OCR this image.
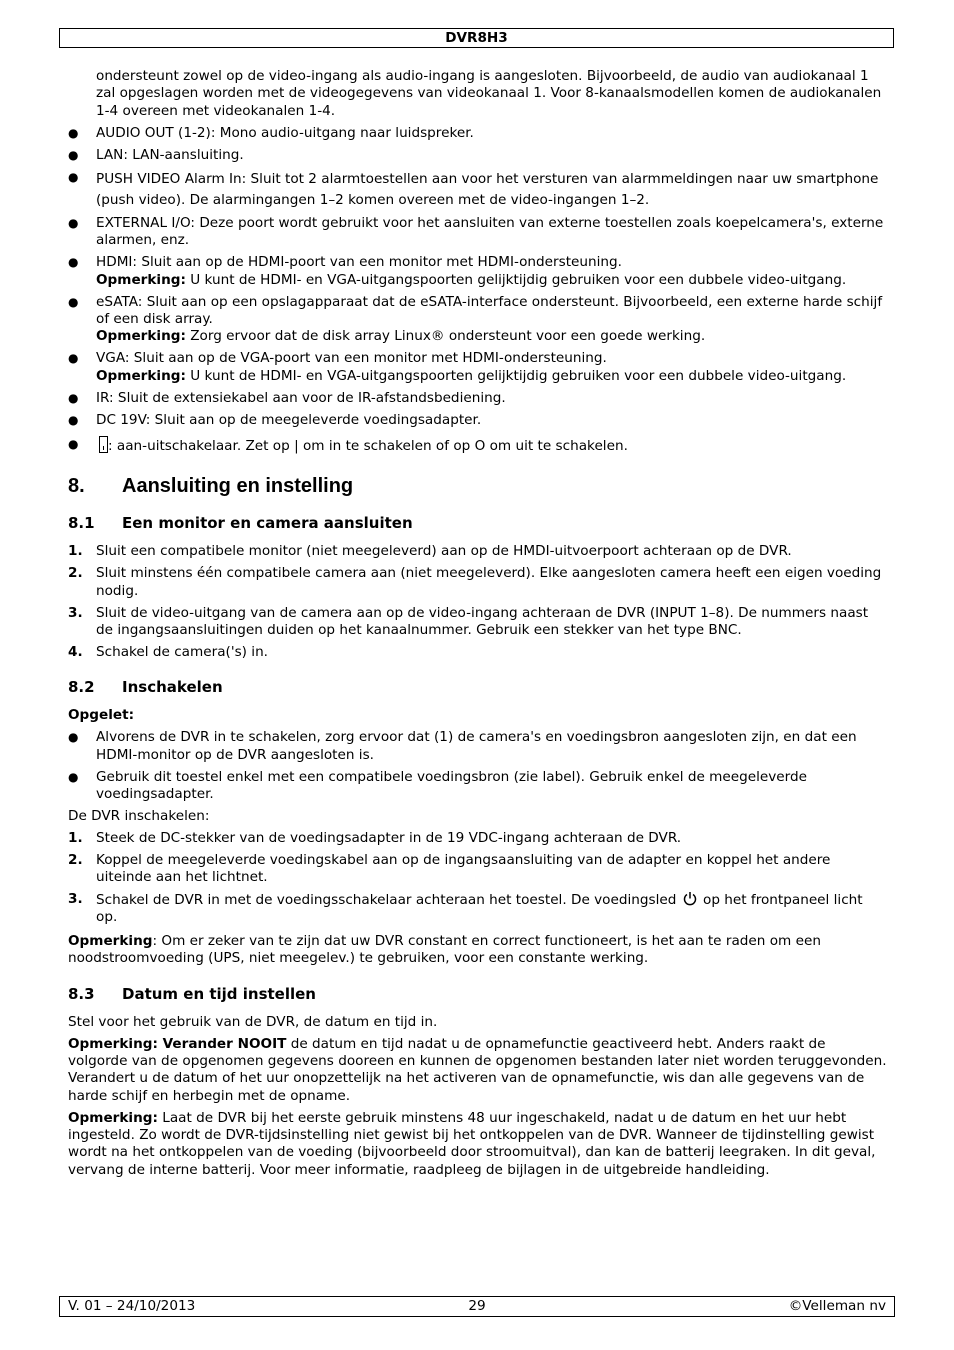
DVR8H3

ondersteunt zowel op de video-ingang als audio-ingang is aangesloten. Bijvoorbeeld, de audio van audiokanaal 1 zal opgeslagen worden met de videogegevens van videokanaal 1. Voor 8-kanaalsmodellen komen de audiokanalen 1-4 overeen met videokanalen 1-4.

● AUDIO OUT (1-2): Mono audio-uitgang naar luidspreker.

● LAN: LAN-aansluiting.

● PUSH VIDEO Alarm In: Sluit tot 2 alarmtoestellen aan voor het versturen van alarmmeldingen naar uw smartphone (push video). De alarmingangen 1–2 komen overeen met de video-ingangen 1–2.

● EXTERNAL I/O: Deze poort wordt gebruikt voor het aansluiten van externe toestellen zoals koepelcamera's, externe alarmen, enz.

● HDMI: Sluit aan op de HDMI-poort van een monitor met HDMI-ondersteuning.

Opmerking: U kunt de HDMI- en VGA-uitgangspoorten gelijktijdig gebruiken voor een dubbele video-uitgang.

● eSATA: Sluit aan op een opslagapparaat dat de eSATA-interface ondersteunt. Bijvoorbeeld, een externe harde schijf of een disk array.

Opmerking: Zorg ervoor dat de disk array Linux® ondersteunt voor een goede werking.

● VGA: Sluit aan op de VGA-poort van een monitor met HDMI-ondersteuning.

Opmerking: U kunt de HDMI- en VGA-uitgangspoorten gelijktijdig gebruiken voor een dubbele video-uitgang.

● IR: Sluit de extensiekabel aan voor de IR-afstandsbediening.

● DC 19V: Sluit aan op de meegeleverde voedingsadapter.

●	: aan-uitschakelaar. Zet op | om in te schakelen of op O om uit te schakelen.

8. Aansluiting en instelling
8.1 Een monitor en camera aansluiten
1. Sluit een compatibele monitor (niet meegeleverd) aan op de HMDI-uitvoerpoort achteraan op de DVR.

2. Sluit minstens één compatibele camera aan (niet meegeleverd). Elke aangesloten camera heeft een eigen voeding nodig.

3. Sluit de video-uitgang van de camera aan op de video-ingang achteraan de DVR (INPUT 1–8). De nummers naast de ingangsaansluitingen duiden op het kanaalnummer. Gebruik een stekker van het type BNC.

4. Schakel de camera('s) in.

8.2 Inschakelen

Opgelet:

● Alvorens de DVR in te schakelen, zorg ervoor dat (1) de camera's en voedingsbron aangesloten zijn, en dat een HDMI-monitor op de DVR aangesloten is.

● Gebruik dit toestel enkel met een compatibele voedingsbron (zie label). Gebruik enkel de meegeleverde voedingsadapter.

De DVR inschakelen:

1. Steek de DC-stekker van de voedingsadapter in de 19 VDC-ingang achteraan de DVR.

2. Koppel de meegeleverde voedingskabel aan op de ingangsaansluiting van de adapter en koppel het andere uiteinde aan het lichtnet.

3. Schakel de DVR in met de voedingsschakelaar achteraan het toestel. De voedingsled  op het frontpaneel licht op.

Opmerking: Om er zeker van te zijn dat uw DVR constant en correct functioneert, is het aan te raden om een noodstroomvoeding (UPS, niet meegelev.) te gebruiken, voor een constante werking.

8.3 Datum en tijd instellen

Stel voor het gebruik van de DVR, de datum en tijd in.

Opmerking: Verander NOOIT de datum en tijd nadat u de opnamefunctie geactiveerd hebt. Anders raakt de volgorde van de opgenomen gegevens dooreen en kunnen de opgenomen bestanden later niet worden teruggevonden. Verandert u de datum of het uur onopzettelijk na het activeren van de opnamefunctie, wis dan alle gegevens van de harde schijf en herbegin met de opname.

Opmerking: Laat de DVR bij het eerste gebruik minstens 48 uur ingeschakeld, nadat u de datum en het uur hebt ingesteld. Zo wordt de DVR-tijdsinstelling niet gewist bij het ontkoppelen van de DVR. Wanneer de tijdinstelling gewist wordt na het ontkoppelen van de voeding (bijvoorbeeld door stroomuitval), dan kan de batterij leegraken. In dit geval, vervang de interne batterij. Voor meer informatie, raadpleeg de bijlagen in de uitgebreide handleiding.

V. 01 – 24/10/2013	29	©Velleman nv
